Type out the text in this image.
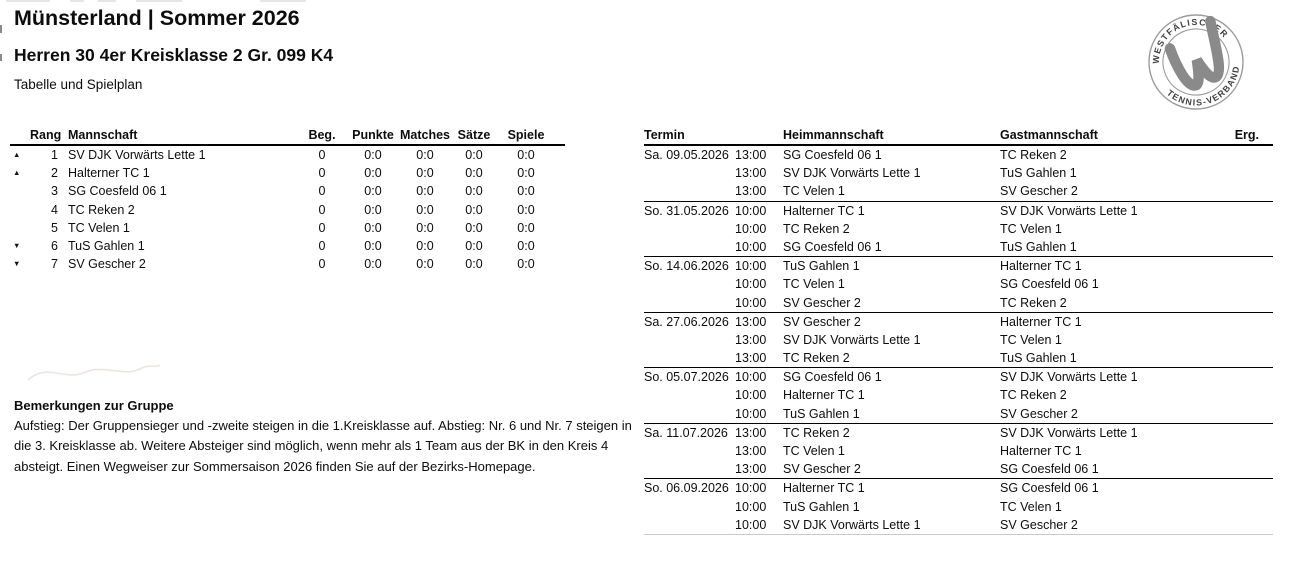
Münsterland | Sommer 2026
Herren 30 4er Kreisklasse 2 Gr. 099 K4
Tabelle und Spielplan
WESTFÄLISCHER
TENNIS-VERBAND
Rang Mannschaft	Beg.	Punkte Matches Sätze	Spiele
▲	1 SV DJK Vorwärts Lette 1	0	0:0	0:0	0:0	0:0
▲	2 Halterner TC 1	0	0:0	0:0	0:0	0:0
3 SG Coesfeld 06 1	0	0:0	0:0	0:0	0:0
4 TC Reken 2	0	0:0	0:0	0:0	0:0
5 TC Velen 1	0	0:0	0:0	0:0	0:0
▼	6 TuS Gahlen 1	0	0:0	0:0	0:0	0:0
▼	7 SV Gescher 2	0	0:0	0:0	0:0	0:0
Bemerkungen zur Gruppe
Aufstieg: Der Gruppensieger und -zweite steigen in die 1.Kreisklasse auf. Abstieg: Nr. 6 und Nr. 7 steigen in die 3. Kreisklasse ab. Weitere Absteiger sind möglich, wenn mehr als 1 Team aus der BK in den Kreis 4 absteigt. Einen Wegweiser zur Sommersaison 2026 finden Sie auf der Bezirks-Homepage.
Termin	Heimmannschaft	Gastmannschaft	Erg.
Sa. 09.05.2026 13:00	SG Coesfeld 06 1	TC Reken 2
13:00	SV DJK Vorwärts Lette 1	TuS Gahlen 1
13:00	TC Velen 1	SV Gescher 2
So. 31.05.2026 10:00	Halterner TC 1	SV DJK Vorwärts Lette 1
10:00	TC Reken 2	TC Velen 1
10:00	SG Coesfeld 06 1	TuS Gahlen 1
So. 14.06.2026 10:00	TuS Gahlen 1	Halterner TC 1
10:00	TC Velen 1	SG Coesfeld 06 1
10:00	SV Gescher 2	TC Reken 2
Sa. 27.06.2026 13:00	SV Gescher 2	Halterner TC 1
13:00	SV DJK Vorwärts Lette 1	TC Velen 1
13:00	TC Reken 2	TuS Gahlen 1
So. 05.07.2026 10:00	SG Coesfeld 06 1	SV DJK Vorwärts Lette 1
10:00	Halterner TC 1	TC Reken 2
10:00	TuS Gahlen 1	SV Gescher 2
Sa. 11.07.2026 13:00	TC Reken 2	SV DJK Vorwärts Lette 1
13:00	TC Velen 1	Halterner TC 1
13:00	SV Gescher 2	SG Coesfeld 06 1
So. 06.09.2026 10:00	Halterner TC 1	SG Coesfeld 06 1
10:00	TuS Gahlen 1	TC Velen 1
10:00	SV DJK Vorwärts Lette 1	SV Gescher 2
